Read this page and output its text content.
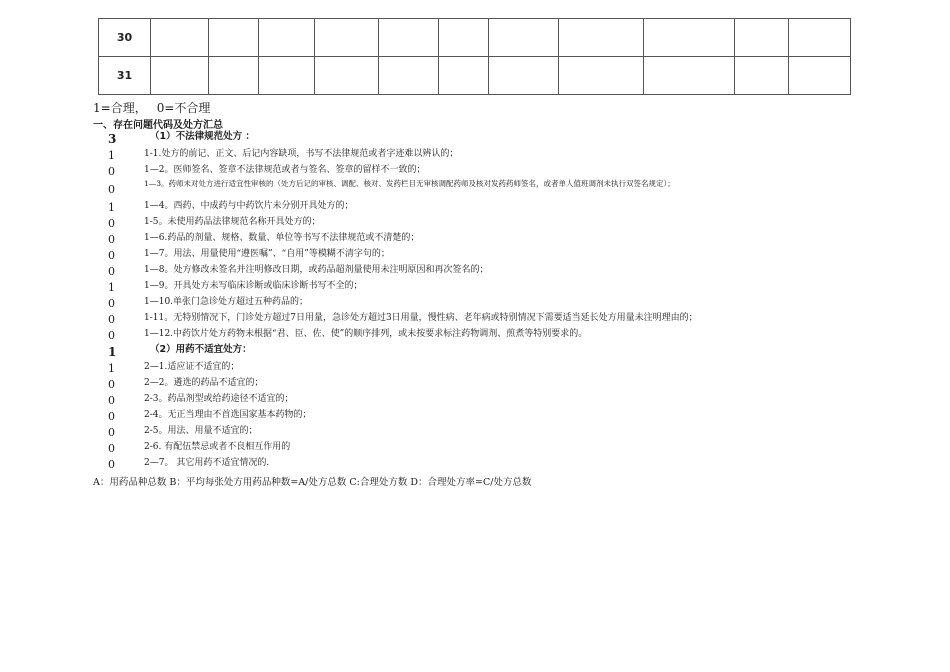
30											
31											
1=合理， 0=不合理
一、存在问题代码及处方汇总
3	（1）不法律规范处方 ：
1	1-1.处方的前记、正文、后记内容缺项，书写不法律规范或者字迹难以辨认的；
0	1—2。医师签名、签章不法律规范或者与签名、签章的留样不一致的；
0	1—3。药师未对处方进行适宜性审核的（处方后记的审核、调配、核对、发药栏目无审核调配药师及核对发药药师签名，或者单人值班调剂未执行双签名规定）；
1	1—4。西药、中成药与中药饮片未分别开具处方的；
0	1-5。未使用药品法律规范名称开具处方的；
0	1—6.药品的剂量、规格、数量、单位等书写不法律规范或不清楚的；
0	1—7。用法、用量使用“遵医嘱”、“自用”等模糊不清字句的；
0	1—8。处方修改未签名并注明修改日期，或药品超剂量使用未注明原因和再次签名的；
1	1—9。开具处方未写临床诊断或临床诊断书写不全的；
0	1—10.单张门急诊处方超过五种药品的；
0	1-11。无特别情况下，门诊处方超过7日用量，急诊处方超过3日用量，慢性病、老年病或特别情况下需要适当延长处方用量未注明理由的；
0	1—12.中药饮片处方药物未根据“君、臣、佐、使”的顺序排列，或未按要求标注药物调剂、煎煮等特别要求的。
1	（2）用药不适宜处方：
1	2—1.适应证不适宜的；
0	2—2。遴选的药品不适宜的；
0	2-3。药品剂型或给药途径不适宜的；
0	2-4。无正当理由不首选国家基本药物的；
0	2-5。用法、用量不适宜的；
0	2-6. 有配伍禁忌或者不良相互作用的
0	2—7。 其它用药不适宜情况的.
A：用药品种总数 B：平均每张处方用药品种数=A/处方总数 C:合理处方数 D：合理处方率=C/处方总数
